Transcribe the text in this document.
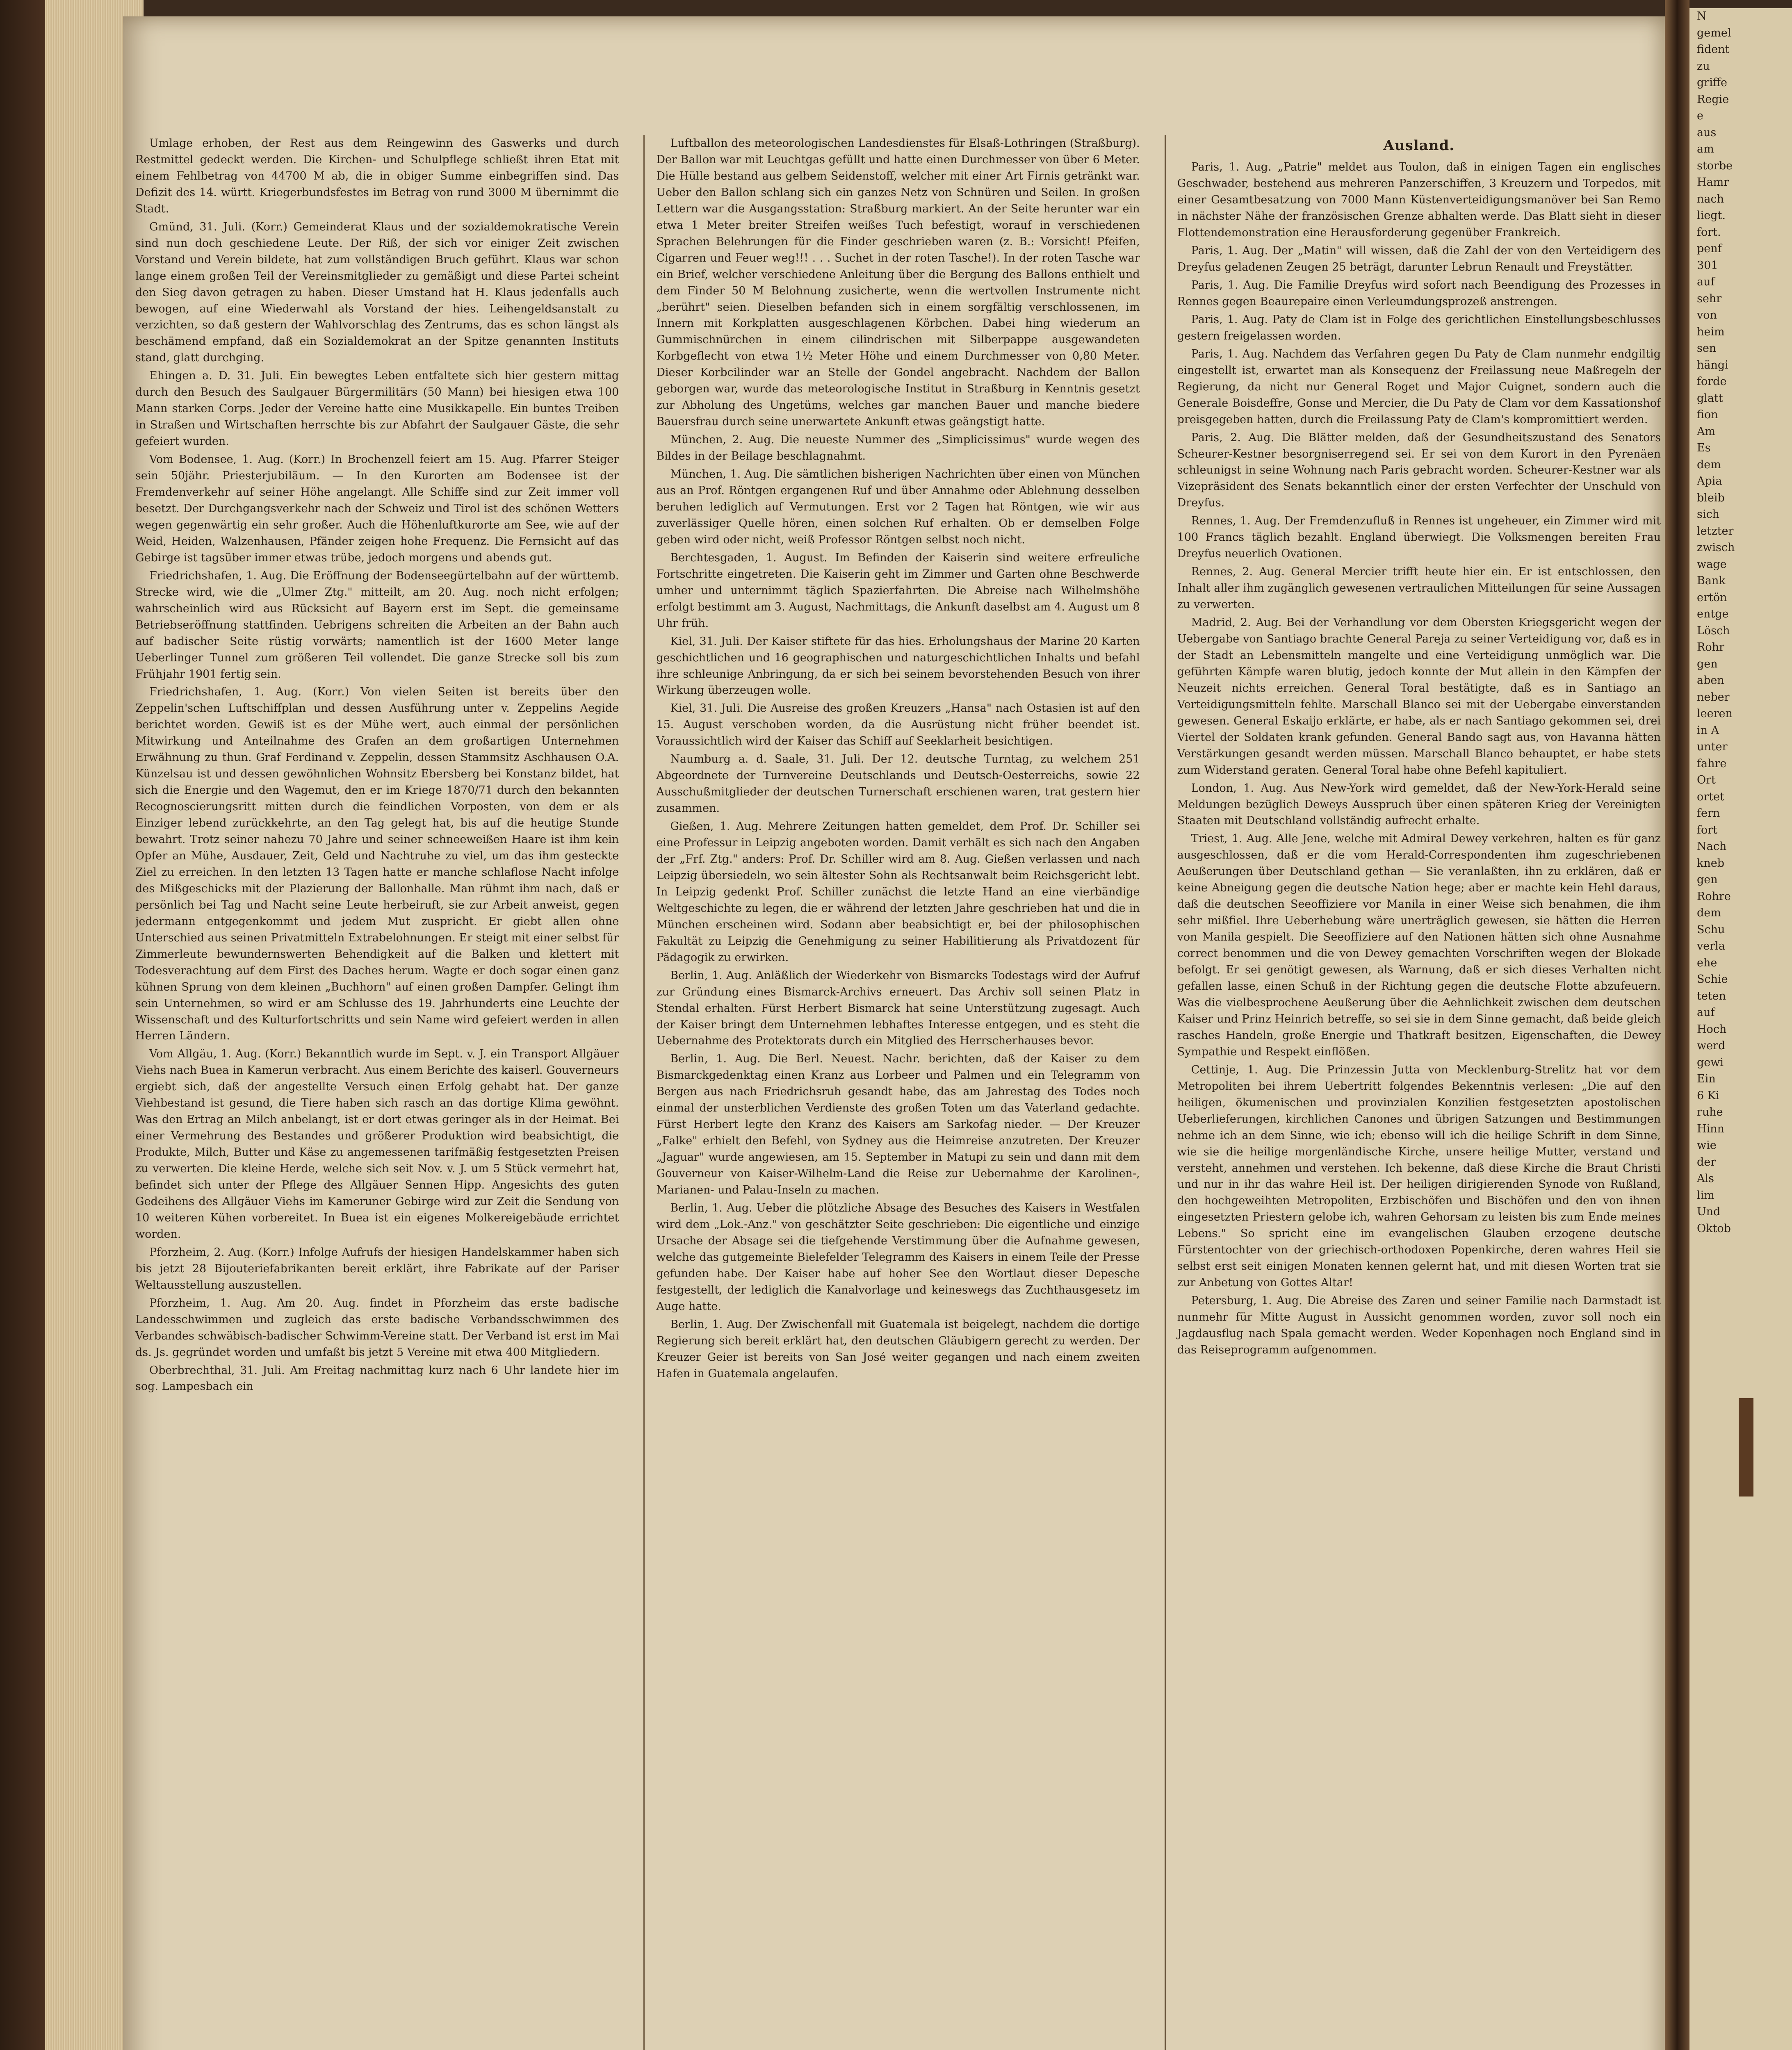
Umlage erhoben, der Rest aus dem Reingewinn des Gaswerks und durch Restmittel gedeckt werden. Die Kirchen- und Schulpflege schließt ihren Etat mit einem Fehlbetrag von 44700 M ab, die in obiger Summe einbegriffen sind. Das Defizit des 14. württ. Kriegerbundsfestes im Betrag von rund 3000 M übernimmt die Stadt.

Gmünd, 31. Juli. (Korr.) Gemeinderat Klaus und der sozialdemokratische Verein sind nun doch geschiedene Leute. Der Riß, der sich vor einiger Zeit zwischen Vorstand und Verein bildete, hat zum vollständigen Bruch geführt. Klaus war schon lange einem großen Teil der Vereinsmitglieder zu gemäßigt und diese Partei scheint den Sieg davon getragen zu haben. Dieser Umstand hat H. Klaus jedenfalls auch bewogen, auf eine Wiederwahl als Vorstand der hies. Leihengeldsanstalt zu verzichten, so daß gestern der Wahlvorschlag des Zentrums, das es schon längst als beschämend empfand, daß ein Sozialdemokrat an der Spitze genannten Instituts stand, glatt durchging.

Ehingen a. D. 31. Juli. Ein bewegtes Leben entfaltete sich hier gestern mittag durch den Besuch des Saulgauer Bürgermilitärs (50 Mann) bei hiesigen etwa 100 Mann starken Corps. Jeder der Vereine hatte eine Musikkapelle. Ein buntes Treiben in Straßen und Wirtschaften herrschte bis zur Abfahrt der Saulgauer Gäste, die sehr gefeiert wurden.

Vom Bodensee, 1. Aug. (Korr.) In Brochenzell feiert am 15. Aug. Pfarrer Steiger sein 50jähr. Priesterjubiläum. — In den Kurorten am Bodensee ist der Fremdenverkehr auf seiner Höhe angelangt. Alle Schiffe sind zur Zeit immer voll besetzt. Der Durchgangsverkehr nach der Schweiz und Tirol ist des schönen Wetters wegen gegenwärtig ein sehr großer. Auch die Höhenluftkurorte am See, wie auf der Weid, Heiden, Walzenhausen, Pfänder zeigen hohe Frequenz. Die Fernsicht auf das Gebirge ist tagsüber immer etwas trübe, jedoch morgens und abends gut.

Friedrichshafen, 1. Aug. Die Eröffnung der Bodenseegürtelbahn auf der württemb. Strecke wird, wie die „Ulmer Ztg." mitteilt, am 20. Aug. noch nicht erfolgen; wahrscheinlich wird aus Rücksicht auf Bayern erst im Sept. die gemeinsame Betriebseröffnung stattfinden. Uebrigens schreiten die Arbeiten an der Bahn auch auf badischer Seite rüstig vorwärts; namentlich ist der 1600 Meter lange Ueberlinger Tunnel zum größeren Teil vollendet. Die ganze Strecke soll bis zum Frühjahr 1901 fertig sein.

Friedrichshafen, 1. Aug. (Korr.) Von vielen Seiten ist bereits über den Zeppelin'schen Luftschiffplan und dessen Ausführung unter v. Zeppelins Aegide berichtet worden. Gewiß ist es der Mühe wert, auch einmal der persönlichen Mitwirkung und Anteilnahme des Grafen an dem großartigen Unternehmen Erwähnung zu thun. Graf Ferdinand v. Zeppelin, dessen Stammsitz Aschhausen O.A. Künzelsau ist und dessen gewöhnlichen Wohnsitz Ebersberg bei Konstanz bildet, hat sich die Energie und den Wagemut, den er im Kriege 1870/71 durch den bekannten Recognoscierungsritt mitten durch die feindlichen Vorposten, von dem er als Einziger lebend zurückkehrte, an den Tag gelegt hat, bis auf die heutige Stunde bewahrt. Trotz seiner nahezu 70 Jahre und seiner schneeweißen Haare ist ihm kein Opfer an Mühe, Ausdauer, Zeit, Geld und Nachtruhe zu viel, um das ihm gesteckte Ziel zu erreichen. In den letzten 13 Tagen hatte er manche schlaflose Nacht infolge des Mißgeschicks mit der Plazierung der Ballonhalle. Man rühmt ihm nach, daß er persönlich bei Tag und Nacht seine Leute herbeiruft, sie zur Arbeit anweist, gegen jedermann entgegenkommt und jedem Mut zuspricht. Er giebt allen ohne Unterschied aus seinen Privatmitteln Extrabelohnungen. Er steigt mit einer selbst für Zimmerleute bewundernswerten Behendigkeit auf die Balken und klettert mit Todesverachtung auf dem First des Daches herum. Wagte er doch sogar einen ganz kühnen Sprung von dem kleinen „Buchhorn" auf einen großen Dampfer. Gelingt ihm sein Unternehmen, so wird er am Schlusse des 19. Jahrhunderts eine Leuchte der Wissenschaft und des Kulturfortschritts und sein Name wird gefeiert werden in allen Herren Ländern.

Vom Allgäu, 1. Aug. (Korr.) Bekanntlich wurde im Sept. v. J. ein Transport Allgäuer Viehs nach Buea in Kamerun verbracht. Aus einem Berichte des kaiserl. Gouverneurs ergiebt sich, daß der angestellte Versuch einen Erfolg gehabt hat. Der ganze Viehbestand ist gesund, die Tiere haben sich rasch an das dortige Klima gewöhnt. Was den Ertrag an Milch anbelangt, ist er dort etwas geringer als in der Heimat. Bei einer Vermehrung des Bestandes und größerer Produktion wird beabsichtigt, die Produkte, Milch, Butter und Käse zu angemessenen tarifmäßig festgesetzten Preisen zu verwerten. Die kleine Herde, welche sich seit Nov. v. J. um 5 Stück vermehrt hat, befindet sich unter der Pflege des Allgäuer Sennen Hipp. Angesichts des guten Gedeihens des Allgäuer Viehs im Kameruner Gebirge wird zur Zeit die Sendung von 10 weiteren Kühen vorbereitet. In Buea ist ein eigenes Molkereigebäude errichtet worden.

Pforzheim, 2. Aug. (Korr.) Infolge Aufrufs der hiesigen Handelskammer haben sich bis jetzt 28 Bijouteriefabrikanten bereit erklärt, ihre Fabrikate auf der Pariser Weltausstellung auszustellen.

Pforzheim, 1. Aug. Am 20. Aug. findet in Pforzheim das erste badische Landesschwimmen und zugleich das erste badische Verbandsschwimmen des Verbandes schwäbisch-badischer Schwimm-Vereine statt. Der Verband ist erst im Mai ds. Js. gegründet worden und umfaßt bis jetzt 5 Vereine mit etwa 400 Mitgliedern.

Oberbrechthal, 31. Juli. Am Freitag nachmittag kurz nach 6 Uhr landete hier im sog. Lampesbach ein

Luftballon des meteorologischen Landesdienstes für Elsaß-Lothringen (Straßburg). Der Ballon war mit Leuchtgas gefüllt und hatte einen Durchmesser von über 6 Meter. Die Hülle bestand aus gelbem Seidenstoff, welcher mit einer Art Firnis getränkt war. Ueber den Ballon schlang sich ein ganzes Netz von Schnüren und Seilen. In großen Lettern war die Ausgangsstation: Straßburg markiert. An der Seite herunter war ein etwa 1 Meter breiter Streifen weißes Tuch befestigt, worauf in verschiedenen Sprachen Belehrungen für die Finder geschrieben waren (z. B.: Vorsicht! Pfeifen, Cigarren und Feuer weg!!! . . . Suchet in der roten Tasche!). In der roten Tasche war ein Brief, welcher verschiedene Anleitung über die Bergung des Ballons enthielt und dem Finder 50 M Belohnung zusicherte, wenn die wertvollen Instrumente nicht „berührt" seien. Dieselben befanden sich in einem sorgfältig verschlossenen, im Innern mit Korkplatten ausgeschlagenen Körbchen. Dabei hing wiederum an Gummischnürchen in einem cilindrischen mit Silberpappe ausgewandeten Korbgeflecht von etwa 1½ Meter Höhe und einem Durchmesser von 0,80 Meter. Dieser Korbcilinder war an Stelle der Gondel angebracht. Nachdem der Ballon geborgen war, wurde das meteorologische Institut in Straßburg in Kenntnis gesetzt zur Abholung des Ungetüms, welches gar manchen Bauer und manche biedere Bauersfrau durch seine unerwartete Ankunft etwas geängstigt hatte.

München, 2. Aug. Die neueste Nummer des „Simplicissimus" wurde wegen des Bildes in der Beilage beschlagnahmt.

München, 1. Aug. Die sämtlichen bisherigen Nachrichten über einen von München aus an Prof. Röntgen ergangenen Ruf und über Annahme oder Ablehnung desselben beruhen lediglich auf Vermutungen. Erst vor 2 Tagen hat Röntgen, wie wir aus zuverlässiger Quelle hören, einen solchen Ruf erhalten. Ob er demselben Folge geben wird oder nicht, weiß Professor Röntgen selbst noch nicht.

Berchtesgaden, 1. August. Im Befinden der Kaiserin sind weitere erfreuliche Fortschritte eingetreten. Die Kaiserin geht im Zimmer und Garten ohne Beschwerde umher und unternimmt täglich Spazierfahrten. Die Abreise nach Wilhelmshöhe erfolgt bestimmt am 3. August, Nachmittags, die Ankunft daselbst am 4. August um 8 Uhr früh.

Kiel, 31. Juli. Der Kaiser stiftete für das hies. Erholungshaus der Marine 20 Karten geschichtlichen und 16 geographischen und naturgeschichtlichen Inhalts und befahl ihre schleunige Anbringung, da er sich bei seinem bevorstehenden Besuch von ihrer Wirkung überzeugen wolle.

Kiel, 31. Juli. Die Ausreise des großen Kreuzers „Hansa" nach Ostasien ist auf den 15. August verschoben worden, da die Ausrüstung nicht früher beendet ist. Voraussichtlich wird der Kaiser das Schiff auf Seeklarheit besichtigen.

Naumburg a. d. Saale, 31. Juli. Der 12. deutsche Turntag, zu welchem 251 Abgeordnete der Turnvereine Deutschlands und Deutsch-Oesterreichs, sowie 22 Ausschußmitglieder der deutschen Turnerschaft erschienen waren, trat gestern hier zusammen.

Gießen, 1. Aug. Mehrere Zeitungen hatten gemeldet, dem Prof. Dr. Schiller sei eine Professur in Leipzig angeboten worden. Damit verhält es sich nach den Angaben der „Frf. Ztg." anders: Prof. Dr. Schiller wird am 8. Aug. Gießen verlassen und nach Leipzig übersiedeln, wo sein ältester Sohn als Rechtsanwalt beim Reichsgericht lebt. In Leipzig gedenkt Prof. Schiller zunächst die letzte Hand an eine vierbändige Weltgeschichte zu legen, die er während der letzten Jahre geschrieben hat und die in München erscheinen wird. Sodann aber beabsichtigt er, bei der philosophischen Fakultät zu Leipzig die Genehmigung zu seiner Habilitierung als Privatdozent für Pädagogik zu erwirken.

Berlin, 1. Aug. Anläßlich der Wiederkehr von Bismarcks Todestags wird der Aufruf zur Gründung eines Bismarck-Archivs erneuert. Das Archiv soll seinen Platz in Stendal erhalten. Fürst Herbert Bismarck hat seine Unterstützung zugesagt. Auch der Kaiser bringt dem Unternehmen lebhaftes Interesse entgegen, und es steht die Uebernahme des Protektorats durch ein Mitglied des Herrscherhauses bevor.

Berlin, 1. Aug. Die Berl. Neuest. Nachr. berichten, daß der Kaiser zu dem Bismarckgedenktag einen Kranz aus Lorbeer und Palmen und ein Telegramm von Bergen aus nach Friedrichsruh gesandt habe, das am Jahrestag des Todes noch einmal der unsterblichen Verdienste des großen Toten um das Vaterland gedachte. Fürst Herbert legte den Kranz des Kaisers am Sarkofag nieder. — Der Kreuzer „Falke" erhielt den Befehl, von Sydney aus die Heimreise anzutreten. Der Kreuzer „Jaguar" wurde angewiesen, am 15. September in Matupi zu sein und dann mit dem Gouverneur von Kaiser-Wilhelm-Land die Reise zur Uebernahme der Karolinen-, Marianen- und Palau-Inseln zu machen.

Berlin, 1. Aug. Ueber die plötzliche Absage des Besuches des Kaisers in Westfalen wird dem „Lok.-Anz." von geschätzter Seite geschrieben: Die eigentliche und einzige Ursache der Absage sei die tiefgehende Verstimmung über die Aufnahme gewesen, welche das gutgemeinte Bielefelder Telegramm des Kaisers in einem Teile der Presse gefunden habe. Der Kaiser habe auf hoher See den Wortlaut dieser Depesche festgestellt, der lediglich die Kanalvorlage und keineswegs das Zuchthausgesetz im Auge hatte.

Berlin, 1. Aug. Der Zwischenfall mit Guatemala ist beigelegt, nachdem die dortige Regierung sich bereit erklärt hat, den deutschen Gläubigern gerecht zu werden. Der Kreuzer Geier ist bereits von San José weiter gegangen und nach einem zweiten Hafen in Guatemala angelaufen.

Ausland.

Paris, 1. Aug. „Patrie" meldet aus Toulon, daß in einigen Tagen ein englisches Geschwader, bestehend aus mehreren Panzerschiffen, 3 Kreuzern und Torpedos, mit einer Gesamtbesatzung von 7000 Mann Küstenverteidigungsmanöver bei San Remo in nächster Nähe der französischen Grenze abhalten werde. Das Blatt sieht in dieser Flottendemonstration eine Herausforderung gegenüber Frankreich.

Paris, 1. Aug. Der „Matin" will wissen, daß die Zahl der von den Verteidigern des Dreyfus geladenen Zeugen 25 beträgt, darunter Lebrun Renault und Freystätter.

Paris, 1. Aug. Die Familie Dreyfus wird sofort nach Beendigung des Prozesses in Rennes gegen Beaurepaire einen Verleumdungsprozeß anstrengen.

Paris, 1. Aug. Paty de Clam ist in Folge des gerichtlichen Einstellungsbeschlusses gestern freigelassen worden.

Paris, 1. Aug. Nachdem das Verfahren gegen Du Paty de Clam nunmehr endgiltig eingestellt ist, erwartet man als Konsequenz der Freilassung neue Maßregeln der Regierung, da nicht nur General Roget und Major Cuignet, sondern auch die Generale Boisdeffre, Gonse und Mercier, die Du Paty de Clam vor dem Kassationshof preisgegeben hatten, durch die Freilassung Paty de Clam's kompromittiert werden.

Paris, 2. Aug. Die Blätter melden, daß der Gesundheitszustand des Senators Scheurer-Kestner besorgniserregend sei. Er sei von dem Kurort in den Pyrenäen schleunigst in seine Wohnung nach Paris gebracht worden. Scheurer-Kestner war als Vizepräsident des Senats bekanntlich einer der ersten Verfechter der Unschuld von Dreyfus.

Rennes, 1. Aug. Der Fremdenzufluß in Rennes ist ungeheuer, ein Zimmer wird mit 100 Francs täglich bezahlt. England überwiegt. Die Volksmengen bereiten Frau Dreyfus neuerlich Ovationen.

Rennes, 2. Aug. General Mercier trifft heute hier ein. Er ist entschlossen, den Inhalt aller ihm zugänglich gewesenen vertraulichen Mitteilungen für seine Aussagen zu verwerten.

Madrid, 2. Aug. Bei der Verhandlung vor dem Obersten Kriegsgericht wegen der Uebergabe von Santiago brachte General Pareja zu seiner Verteidigung vor, daß es in der Stadt an Lebensmitteln mangelte und eine Verteidigung unmöglich war. Die geführten Kämpfe waren blutig, jedoch konnte der Mut allein in den Kämpfen der Neuzeit nichts erreichen. General Toral bestätigte, daß es in Santiago an Verteidigungsmitteln fehlte. Marschall Blanco sei mit der Uebergabe einverstanden gewesen. General Eskaijo erklärte, er habe, als er nach Santiago gekommen sei, drei Viertel der Soldaten krank gefunden. General Bando sagt aus, von Havanna hätten Verstärkungen gesandt werden müssen. Marschall Blanco behauptet, er habe stets zum Widerstand geraten. General Toral habe ohne Befehl kapituliert.

London, 1. Aug. Aus New-York wird gemeldet, daß der New-York-Herald seine Meldungen bezüglich Deweys Ausspruch über einen späteren Krieg der Vereinigten Staaten mit Deutschland vollständig aufrecht erhalte.

Triest, 1. Aug. Alle Jene, welche mit Admiral Dewey verkehren, halten es für ganz ausgeschlossen, daß er die vom Herald-Correspondenten ihm zugeschriebenen Aeußerungen über Deutschland gethan — Sie veranlaßten, ihn zu erklären, daß er keine Abneigung gegen die deutsche Nation hege; aber er machte kein Hehl daraus, daß die deutschen Seeoffiziere vor Manila in einer Weise sich benahmen, die ihm sehr mißfiel. Ihre Ueberhebung wäre unerträglich gewesen, sie hätten die Herren von Manila gespielt. Die Seeoffiziere auf den Nationen hätten sich ohne Ausnahme correct benommen und die von Dewey gemachten Vorschriften wegen der Blokade befolgt. Er sei genötigt gewesen, als Warnung, daß er sich dieses Verhalten nicht gefallen lasse, einen Schuß in der Richtung gegen die deutsche Flotte abzufeuern. Was die vielbesprochene Aeußerung über die Aehnlichkeit zwischen dem deutschen Kaiser und Prinz Heinrich betreffe, so sei sie in dem Sinne gemacht, daß beide gleich rasches Handeln, große Energie und Thatkraft besitzen, Eigenschaften, die Dewey Sympathie und Respekt einflößen.

Cettinje, 1. Aug. Die Prinzessin Jutta von Mecklenburg-Strelitz hat vor dem Metropoliten bei ihrem Uebertritt folgendes Bekenntnis verlesen: „Die auf den heiligen, ökumenischen und provinzialen Konzilien festgesetzten apostolischen Ueberlieferungen, kirchlichen Canones und übrigen Satzungen und Bestimmungen nehme ich an dem Sinne, wie ich; ebenso will ich die heilige Schrift in dem Sinne, wie sie die heilige morgenländische Kirche, unsere heilige Mutter, verstand und versteht, annehmen und verstehen. Ich bekenne, daß diese Kirche die Braut Christi und nur in ihr das wahre Heil ist. Der heiligen dirigierenden Synode von Rußland, den hochgeweihten Metropoliten, Erzbischöfen und Bischöfen und den von ihnen eingesetzten Priestern gelobe ich, wahren Gehorsam zu leisten bis zum Ende meines Lebens." So spricht eine im evangelischen Glauben erzogene deutsche Fürstentochter von der griechisch-orthodoxen Popenkirche, deren wahres Heil sie selbst erst seit einigen Monaten kennen gelernt hat, und mit diesen Worten trat sie zur Anbetung von Gottes Altar!

Petersburg, 1. Aug. Die Abreise des Zaren und seiner Familie nach Darmstadt ist nunmehr für Mitte August in Aussicht genommen worden, zuvor soll noch ein Jagdausflug nach Spala gemacht werden. Weder Kopenhagen noch England sind in das Reiseprogramm aufgenommen.

N
gemel
fident
zu
griffe
Regie
e
aus
am
storbe
Hamr
nach
liegt.
fort.
penf
301
auf
sehr
von
heim
sen
hängi
forde
glatt
fion
Am
Es
dem
Apia
bleib
sich
letzter
zwisch
wage
Bank
ertön
entge
Lösch
Rohr
gen
aben
neber
leeren
in A
unter
fahre
Ort
ortet
fern
fort
Nach
kneb
gen
Rohre
dem
Schu
verla
ehe
Schie
teten
auf
Hoch
werd
gewi
Ein
6 Ki
ruhe
Hinn
wie
der
Als
lim
Und
Oktob
